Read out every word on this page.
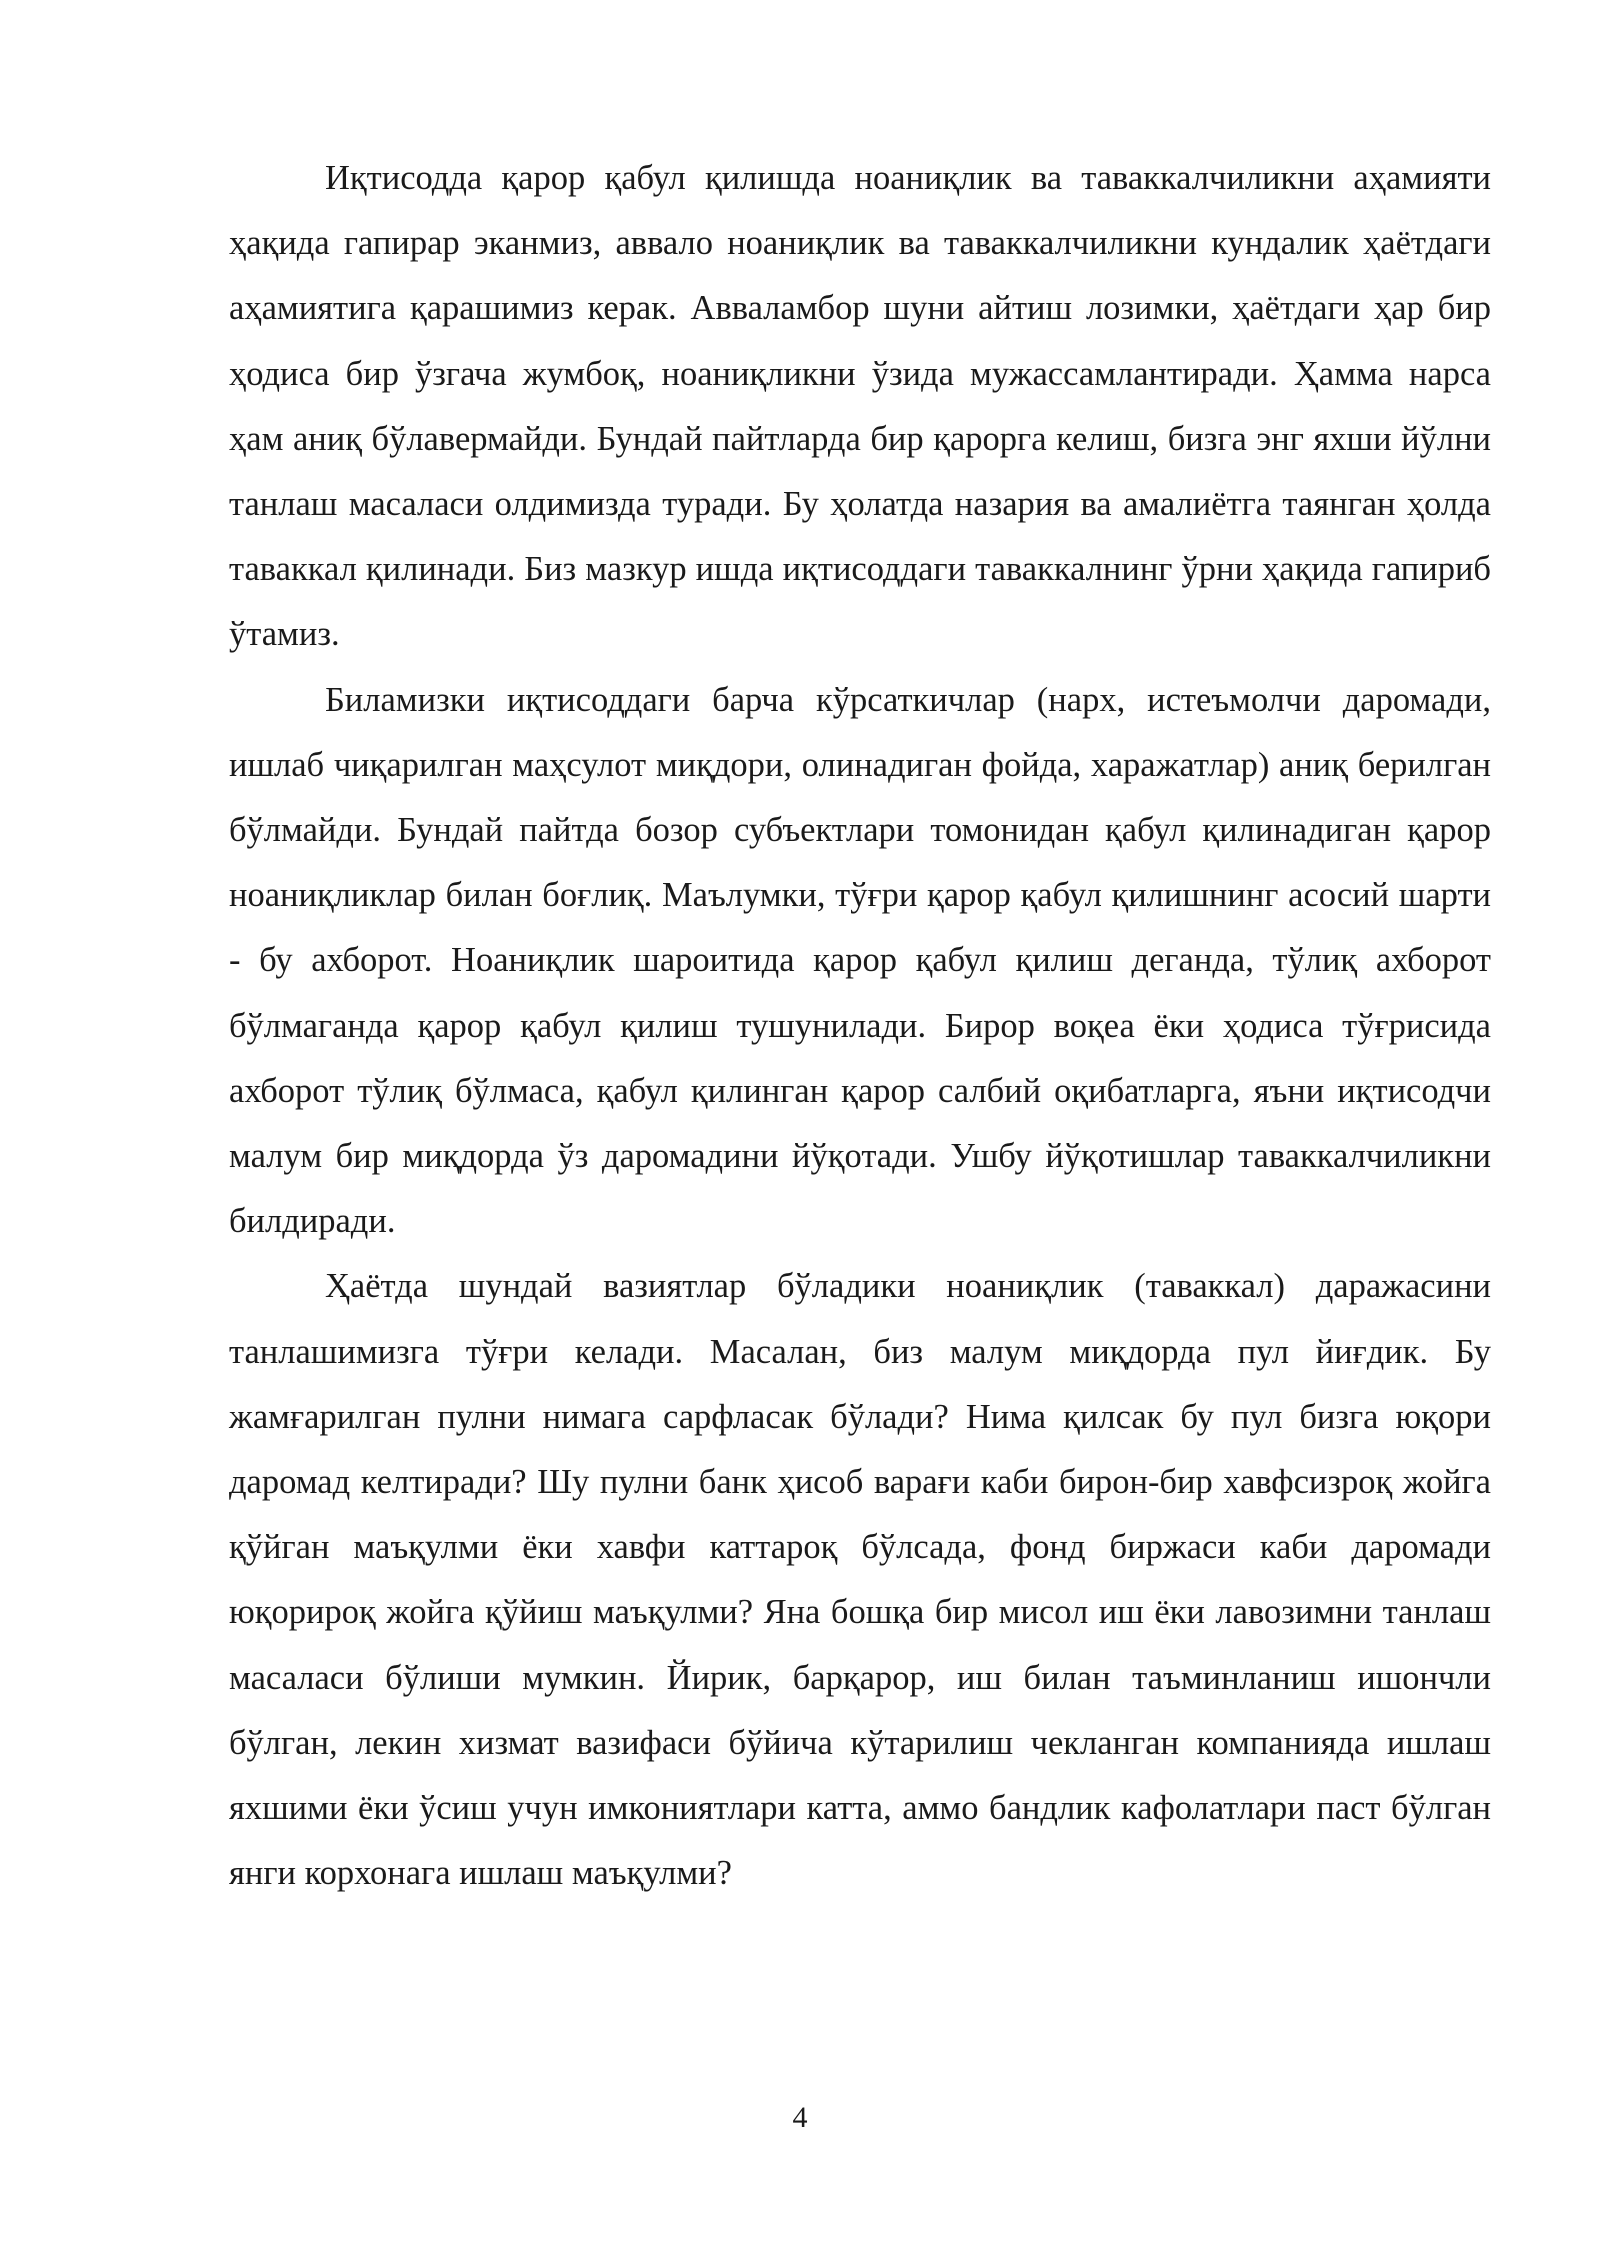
Иқтисодда қарор қабул қилишда ноаниқлик ва таваккалчиликни аҳамияти ҳақида гапирар эканмиз, аввало ноаниқлик ва таваккалчиликни кундалик ҳаётдаги аҳамиятига қарашимиз керак. Авваламбор шуни айтиш лозимки, ҳаётдаги ҳар бир ҳодиса бир ўзгача жумбоқ, ноаниқликни ўзида мужассамлантиради. Ҳамма нарса ҳам аниқ бўлавермайди. Бундай пайтларда бир қарорга келиш, бизга энг яхши йўлни танлаш масаласи олдимизда туради. Бу ҳолатда назария ва амалиётга таянган ҳолда таваккал қилинади. Биз мазкур ишда иқтисоддаги таваккалнинг ўрни ҳақида гапириб ўтамиз.

Биламизки иқтисоддаги барча кўрсаткичлар (нарх, истеъмолчи даромади, ишлаб чиқарилган маҳсулот миқдори, олинадиган фойда, харажатлар) аниқ берилган бўлмайди. Бундай пайтда бозор субъектлари томонидан қабул қилинадиган қарор ноаниқликлар билан боғлиқ. Маълумки, тўғри қарор қабул қилишнинг асосий шарти - бу ахборот. Ноаниқлик шароитида қарор қабул қилиш деганда, тўлиқ ахборот бўлмаганда қарор қабул қилиш тушунилади. Бирор воқеа ёки ҳодиса тўғрисида ахборот тўлиқ бўлмаса, қабул қилинган қарор салбий оқибатларга, яъни иқтисодчи малум бир миқдорда ўз даромадини йўқотади. Ушбу йўқотишлар таваккалчиликни билдиради.

Ҳаётда шундай вазиятлар бўладики ноаниқлик (таваккал) даражасини танлашимизга тўғри келади. Масалан, биз малум миқдорда пул йиғдик. Бу жамғарилган пулни нимага сарфласак бўлади? Нима қилсак бу пул бизга юқори даромад келтиради? Шу пулни банк ҳисоб варағи каби бирон-бир хавфсизроқ жойга қўйган маъқулми ёки хавфи каттароқ бўлсада, фонд биржаси каби даромади юқорироқ жойга қўйиш маъқулми? Яна бошқа бир мисол иш ёки лавозимни танлаш масаласи бўлиши мумкин. Йирик, барқарор, иш билан таъминланиш ишончли бўлган, лекин хизмат вазифаси бўйича кўтарилиш чекланган компанияда ишлаш яхшими ёки ўсиш учун имкониятлари катта, аммо бандлик кафолатлари паст бўлган янги корхонага ишлаш маъқулми?

4
